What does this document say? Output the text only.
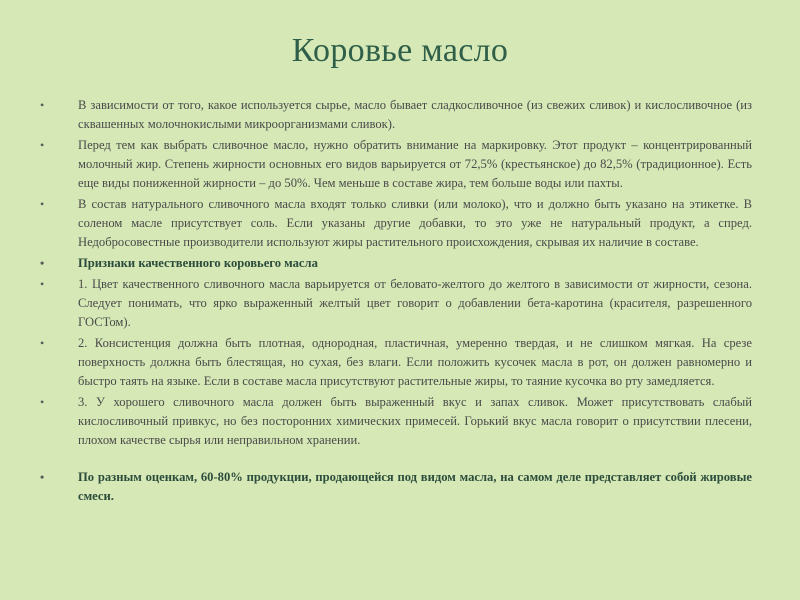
Коровье масло
•	В зависимости от того, какое используется сырье, масло бывает сладкосливочное (из свежих сливок) и кислосливочное (из сквашенных молочнокислыми микроорганизмами сливок).
•	Перед тем как выбрать сливочное масло, нужно обратить внимание на маркировку. Этот продукт – концентрированный молочный жир. Степень жирности основных его видов варьируется от 72,5% (крестьянское) до 82,5% (традиционное). Есть еще виды пониженной жирности – до 50%. Чем меньше в составе жира, тем больше воды или пахты.
•	В состав натурального сливочного масла входят только сливки (или молоко), что и должно быть указано на этикетке. В соленом масле присутствует соль. Если указаны другие добавки, то это уже не натуральный продукт, а спред. Недобросовестные производители используют жиры растительного происхождения, скрывая их наличие в составе.
•	Признаки качественного коровьего масла
•	1. Цвет качественного сливочного масла варьируется от беловато-желтого до желтого в зависимости от жирности, сезона. Следует понимать, что ярко выраженный желтый цвет говорит о добавлении бета-каротина (красителя, разрешенного ГОСТом).
•	2. Консистенция должна быть плотная, однородная, пластичная, умеренно твердая, и не слишком мягкая. На срезе поверхность должна быть блестящая, но сухая, без влаги. Если положить кусочек масла в рот, он должен равномерно и быстро таять на языке. Если в составе масла присутствуют растительные жиры, то таяние кусочка во рту замедляется.
•	3. У хорошего сливочного масла должен быть выраженный вкус и запах сливок. Может присутствовать слабый кислосливочный привкус, но без посторонних химических примесей. Горький вкус масла говорит о присутствии плесени, плохом качестве сырья или неправильном хранении.
•	По разным оценкам, 60-80% продукции, продающейся под видом масла, на самом деле представляет собой жировые смеси.
